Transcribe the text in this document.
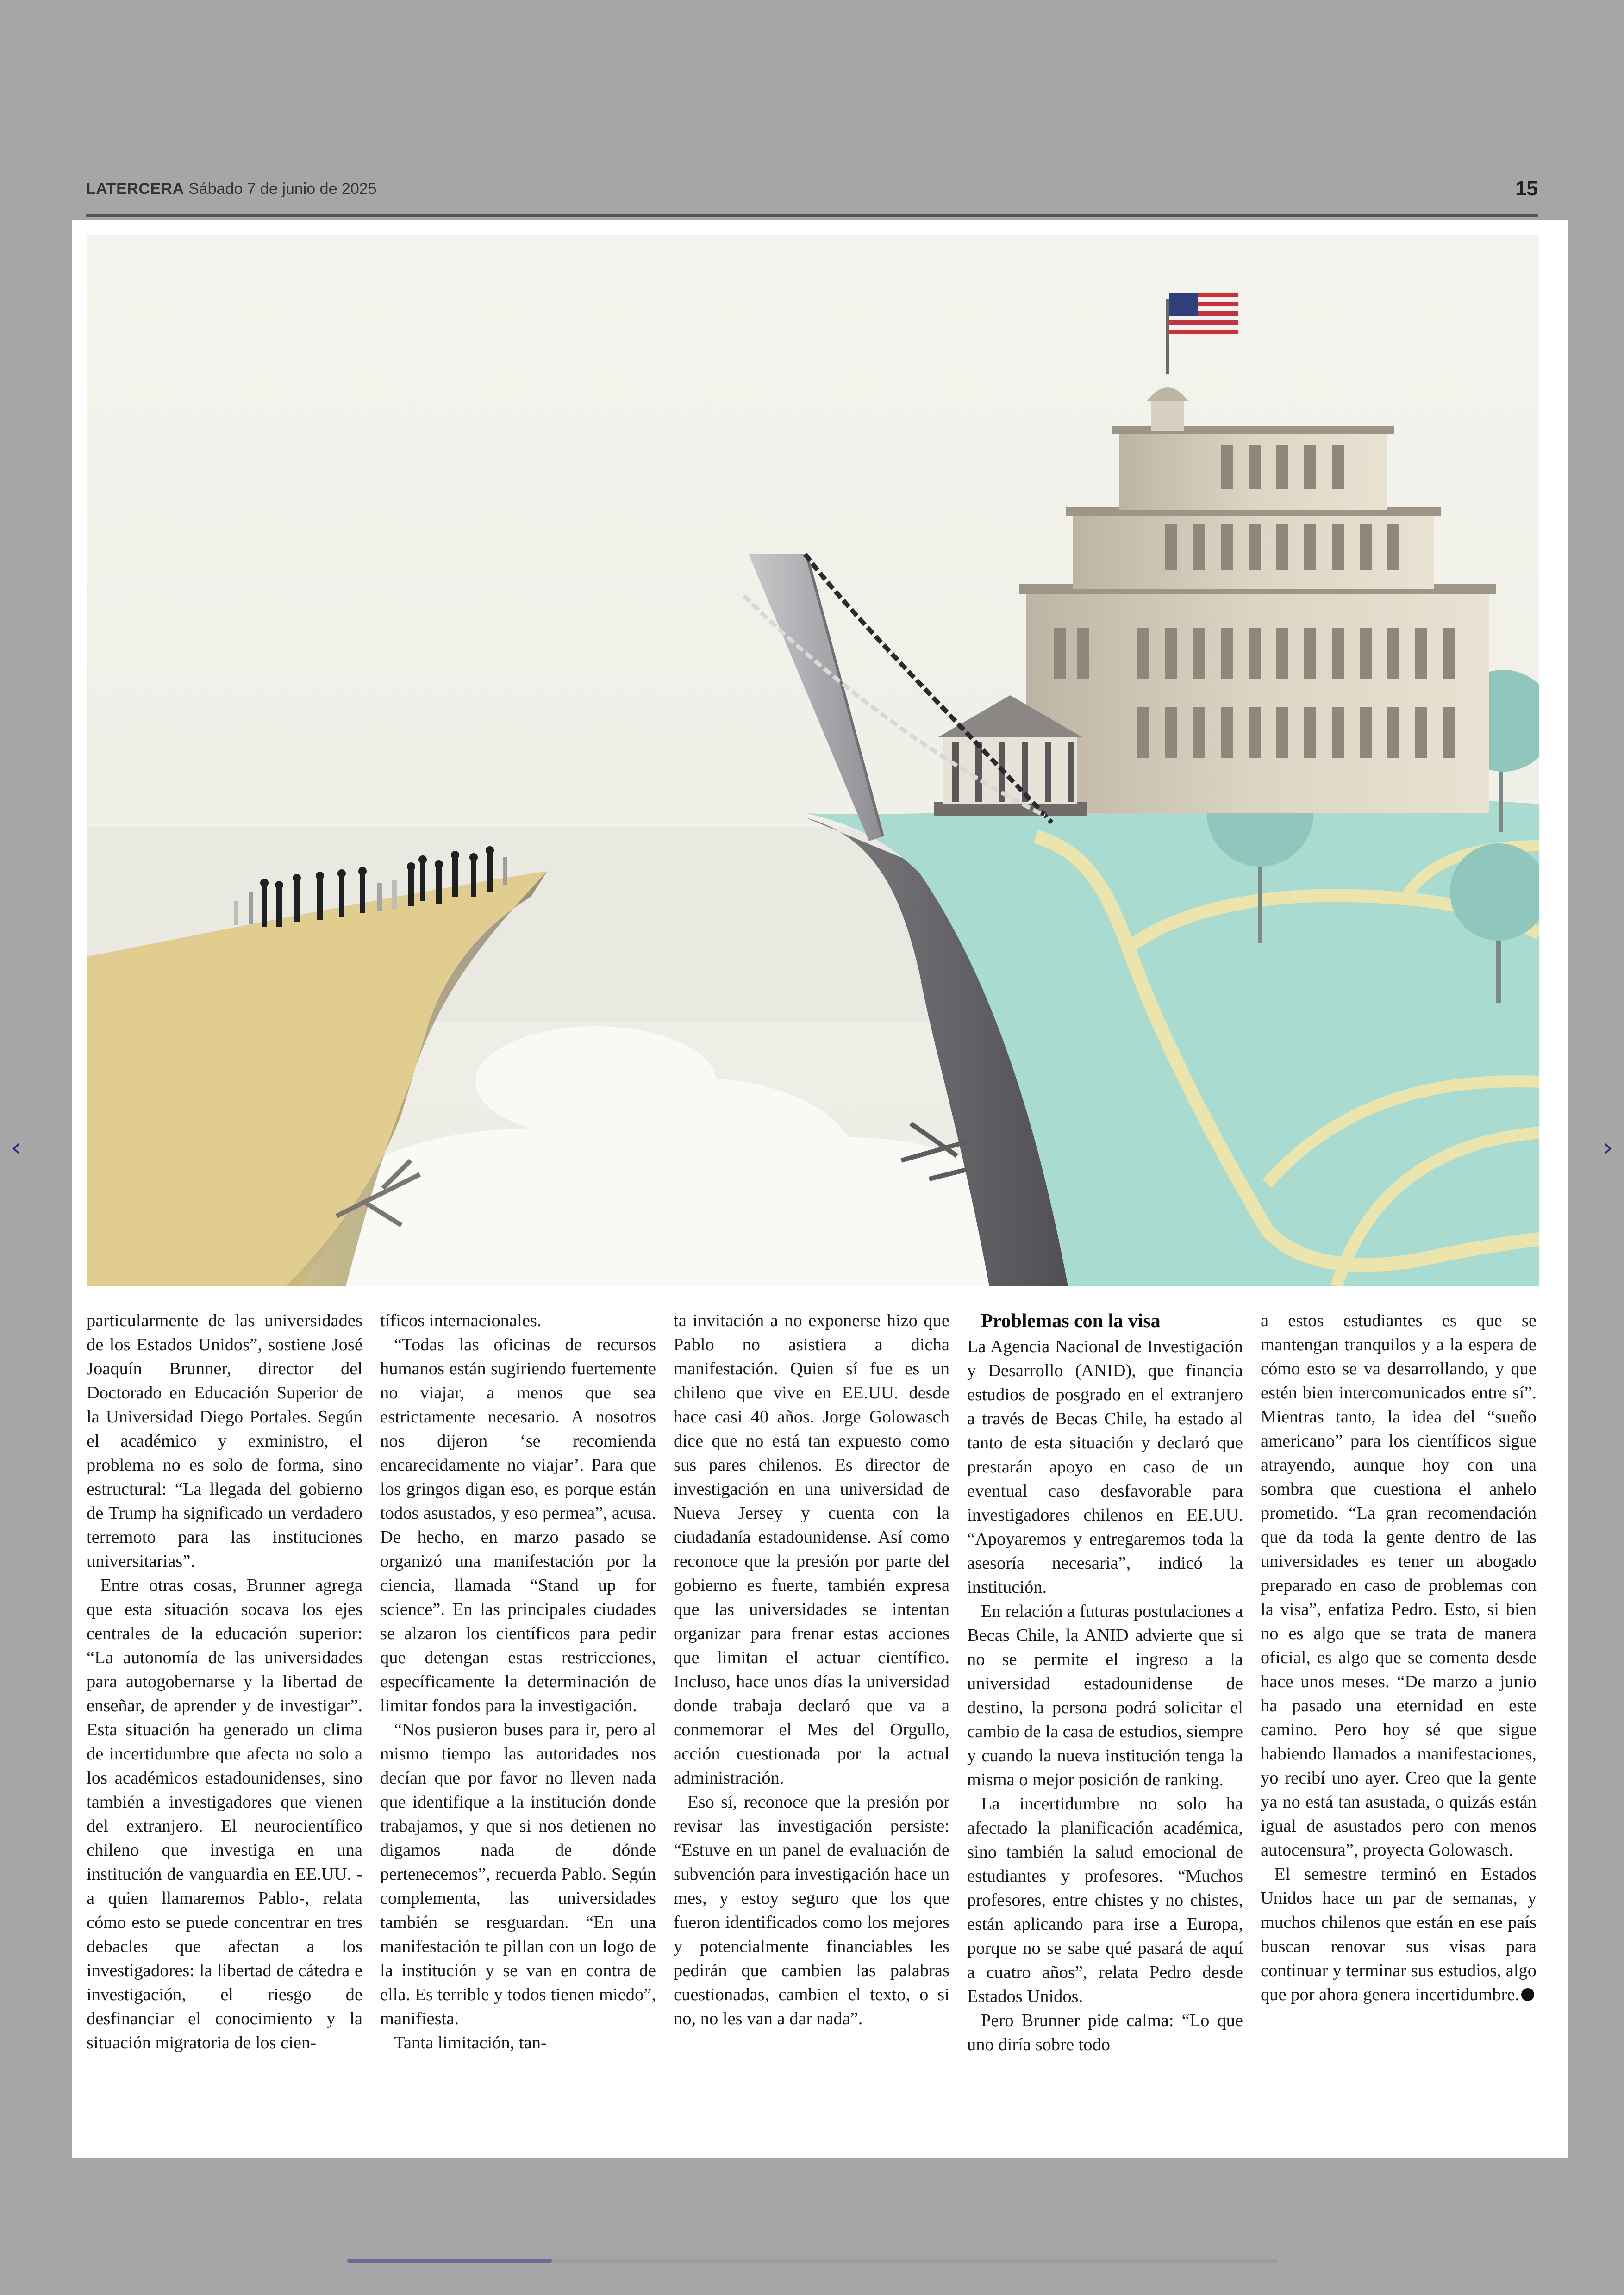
LATERCERA Sábado 7 de junio de 2025	15

particularmente de las universidades de los Estados Unidos”, sostiene José Joaquín Brunner, director del Doctorado en Educación Superior de la Universidad Diego Portales. Según el académico y exministro, el problema no es solo de forma, sino estructural: “La llegada del gobierno de Trump ha significado un verdadero terremoto para las instituciones universitarias”.

Entre otras cosas, Brunner agrega que esta situación socava los ejes centrales de la educación superior: “La autonomía de las universidades para autogobernarse y la libertad de enseñar, de aprender y de investigar”. Esta situación ha generado un clima de incertidumbre que afecta no solo a los académicos estadounidenses, sino también a investigadores que vienen del extranjero. El neurocientífico chileno que investiga en una institución de vanguardia en EE.UU. -a quien llamaremos Pablo-, relata cómo esto se puede concentrar en tres debacles que afectan a los investigadores: la libertad de cátedra e investigación, el riesgo de desfinanciar el conocimiento y la situación migratoria de los cien-

tíficos internacionales.

“Todas las oficinas de recursos humanos están sugiriendo fuertemente no viajar, a menos que sea estrictamente necesario. A nosotros nos dijeron ‘se recomienda encarecidamente no viajar’. Para que los gringos digan eso, es porque están todos asustados, y eso permea”, acusa. De hecho, en marzo pasado se organizó una manifestación por la ciencia, llamada “Stand up for science”. En las principales ciudades se alzaron los científicos para pedir que detengan estas restricciones, específicamente la determinación de limitar fondos para la investigación.

“Nos pusieron buses para ir, pero al mismo tiempo las autoridades nos decían que por favor no lleven nada que identifique a la institución donde trabajamos, y que si nos detienen no digamos nada de dónde pertenecemos”, recuerda Pablo. Según complementa, las universidades también se resguardan. “En una manifestación te pillan con un logo de la institución y se van en contra de ella. Es terrible y todos tienen miedo”, manifiesta.

Tanta limitación, tan-

ta invitación a no exponerse hizo que Pablo no asistiera a dicha manifestación. Quien sí fue es un chileno que vive en EE.UU. desde hace casi 40 años. Jorge Golowasch dice que no está tan expuesto como sus pares chilenos. Es director de investigación en una universidad de Nueva Jersey y cuenta con la ciudadanía estadounidense. Así como reconoce que la presión por parte del gobierno es fuerte, también expresa que las universidades se intentan organizar para frenar estas acciones que limitan el actuar científico. Incluso, hace unos días la universidad donde trabaja declaró que va a conmemorar el Mes del Orgullo, acción cuestionada por la actual administración.

Eso sí, reconoce que la presión por revisar las investigación persiste: “Estuve en un panel de evaluación de subvención para investigación hace un mes, y estoy seguro que los que fueron identificados como los mejores y potencialmente financiables les pedirán que cambien las palabras cuestionadas, cambien el texto, o si no, no les van a dar nada”.

Problemas con la visa

La Agencia Nacional de Investigación y Desarrollo (ANID), que financia estudios de posgrado en el extranjero a través de Becas Chile, ha estado al tanto de esta situación y declaró que prestarán apoyo en caso de un eventual caso desfavorable para investigadores chilenos en EE.UU. “Apoyaremos y entregaremos toda la asesoría necesaria”, indicó la institución.

En relación a futuras postulaciones a Becas Chile, la ANID advierte que si no se permite el ingreso a la universidad estadounidense de destino, la persona podrá solicitar el cambio de la casa de estudios, siempre y cuando la nueva institución tenga la misma o mejor posición de ranking.

La incertidumbre no solo ha afectado la planificación académica, sino también la salud emocional de estudiantes y profesores. “Muchos profesores, entre chistes y no chistes, están aplicando para irse a Europa, porque no se sabe qué pasará de aquí a cuatro años”, relata Pedro desde Estados Unidos.

Pero Brunner pide calma: “Lo que uno diría sobre todo

a estos estudiantes es que se mantengan tranquilos y a la espera de cómo esto se va desarrollando, y que estén bien intercomunicados entre sí”. Mientras tanto, la idea del “sueño americano” para los científicos sigue atrayendo, aunque hoy con una sombra que cuestiona el anhelo prometido. “La gran recomendación que da toda la gente dentro de las universidades es tener un abogado preparado en caso de problemas con la visa”, enfatiza Pedro. Esto, si bien no es algo que se trata de manera oficial, es algo que se comenta desde hace unos meses. “De marzo a junio ha pasado una eternidad en este camino. Pero hoy sé que sigue habiendo llamados a manifestaciones, yo recibí uno ayer. Creo que la gente ya no está tan asustada, o quizás están igual de asustados pero con menos autocensura”, proyecta Golowasch.

El semestre terminó en Estados Unidos hace un par de semanas, y muchos chilenos que están en ese país buscan renovar sus visas para continuar y terminar sus estudios, algo que por ahora genera incertidumbre.

‹	›
